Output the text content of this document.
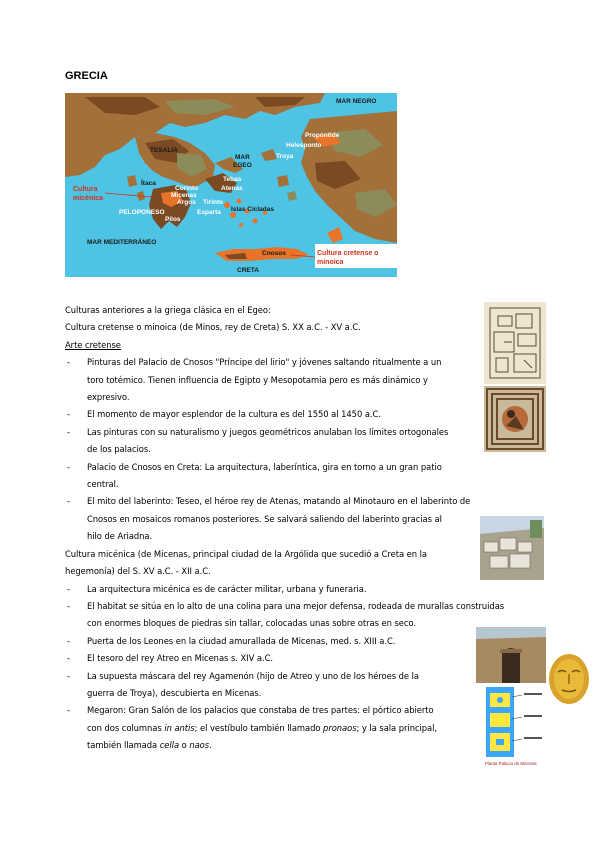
GRECIA
MAR NEGRO
Propóntide
Helesponto
Troya
TESALIA
MAR
EGEO
Ítaca
Corinto
Micenas
Atenas
Argos
Tebas
Tirinto
PELOPONESO	Esparta
Pilos
Islas Cícladas
MAR MEDITERRÁNEO
Cnosos
CRETA
Cultura
micénica
Cultura cretense o
minoica

Culturas anteriores a la griega clásica en el Egeo:

Cultura cretense o minoica (de Minos, rey de Creta) S. XX a.C. - XV a.C.

Arte cretense

- Pinturas del Palacio de Cnosos "Príncipe del lirio" y jóvenes saltando ritualmente a un

toro totémico. Tienen influencia de Egipto y Mesopotamia pero es más dinámico y

expresivo.

- El momento de mayor esplendor de la cultura es del 1550 al 1450 a.C.

- Las pinturas con su naturalismo y juegos geométricos anulaban los límites ortogonales

de los palacios.

- Palacio de Cnosos en Creta: La arquitectura, laberíntica, gira en torno a un gran patio

central.

- El mito del laberinto: Teseo, el héroe rey de Atenas, matando al Minotauro en el laberinto de

Cnosos en mosaicos romanos posteriores. Se salvará saliendo del laberinto gracias al

hilo de Ariadna.

Cultura micénica (de Micenas, principal ciudad de la Argólida que sucedió a Creta en la

hegemonía) del S. XV a.C. - XII a.C.

- La arquitectura micénica es de carácter militar, urbana y funeraria.

- El habitat se sitúa en lo alto de una colina para una mejor defensa, rodeada de murallas construidas

con enormes bloques de piedras sin tallar, colocadas unas sobre otras en seco.

- Puerta de los Leones en la ciudad amurallada de Micenas, med. s. XIII a.C.

- El tesoro del rey Atreo en Micenas s. XIV a.C.

- La supuesta máscara del rey Agamenón (hijo de Atreo y uno de los héroes de la

guerra de Troya), descubierta en Micenas.

- Megaron: Gran Salón de los palacios que constaba de tres partes: el pórtico abierto

con dos columnas in antis; el vestíbulo también llamado pronaos; y la sala principal,

también llamada cella o naos.

Planta Palacio de Micenas
